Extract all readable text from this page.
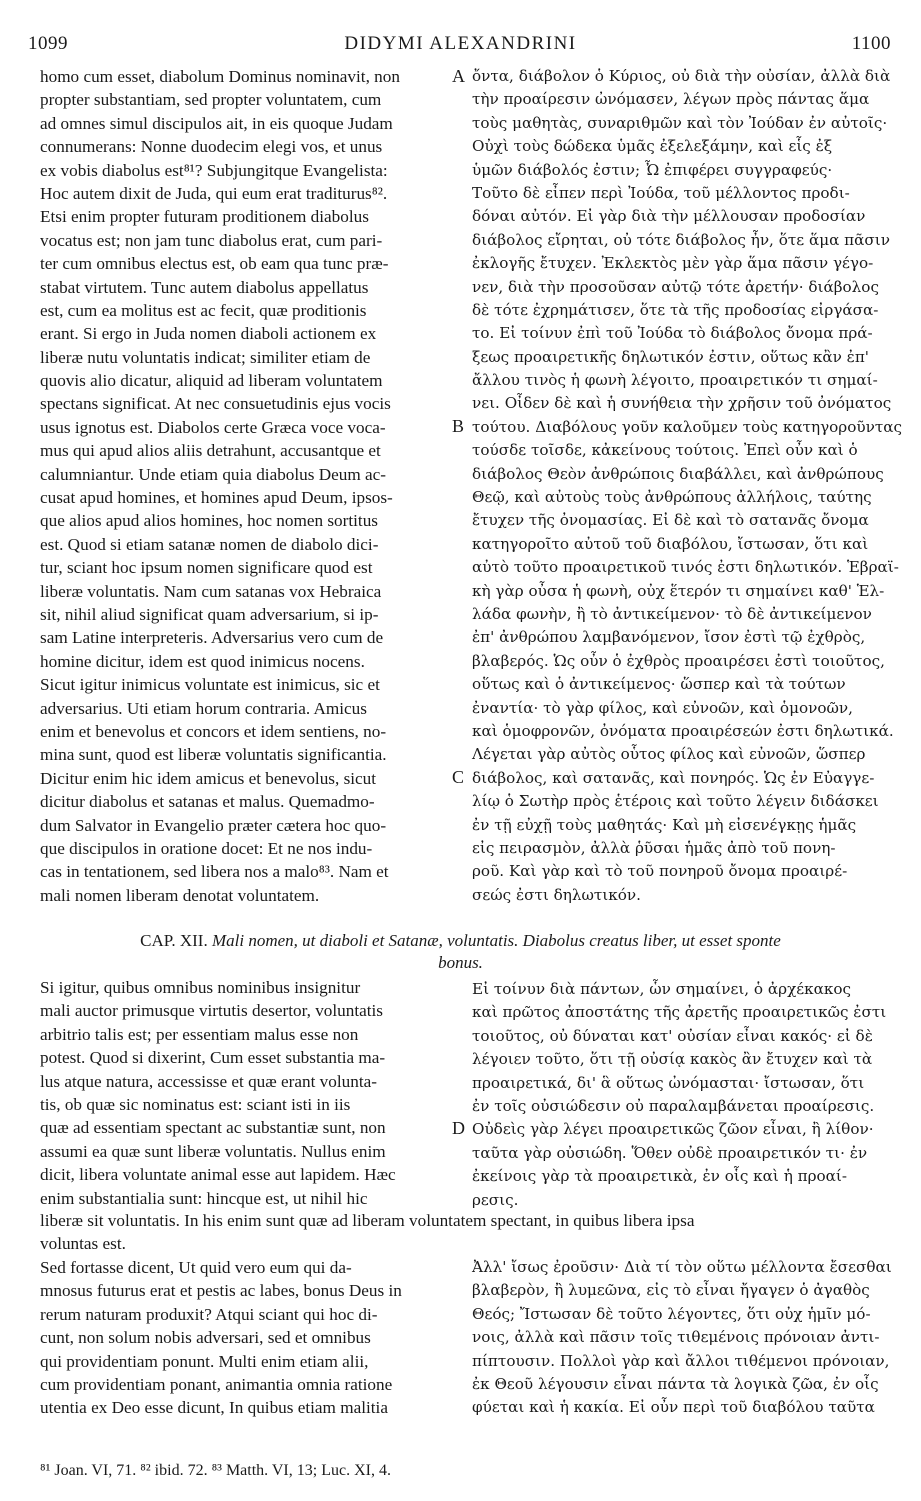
1099	DIDYMI ALEXANDRINI	1100
homo cum esset, diabolum Dominus nominavit, non
propter substantiam, sed propter voluntatem, cum
ad omnes simul discipulos ait, in eis quoque Judam
connumerans: Nonne duodecim elegi vos, et unus
ex vobis diabolus est⁸¹? Subjungitque Evangelista:
Hoc autem dixit de Juda, qui eum erat traditurus⁸².
Etsi enim propter futuram proditionem diabolus
vocatus est; non jam tunc diabolus erat, cum pari-
ter cum omnibus electus est, ob eam qua tunc præ-
stabat virtutem. Tunc autem diabolus appellatus
est, cum ea molitus est ac fecit, quæ proditionis
erant. Si ergo in Juda nomen diaboli actionem ex
liberæ nutu voluntatis indicat; similiter etiam de
quovis alio dicatur, aliquid ad liberam voluntatem
spectans significat. At nec consuetudinis ejus vocis
usus ignotus est. Diabolos certe Græca voce voca-
mus qui apud alios aliis detrahunt, accusantque et
calumniantur. Unde etiam quia diabolus Deum ac-
cusat apud homines, et homines apud Deum, ipsos-
que alios apud alios homines, hoc nomen sortitus
est. Quod si etiam satanæ nomen de diabolo dici-
tur, sciant hoc ipsum nomen significare quod est
liberæ voluntatis. Nam cum satanas vox Hebraica
sit, nihil aliud significat quam adversarium, si ip-
sam Latine interpreteris. Adversarius vero cum de
homine dicitur, idem est quod inimicus nocens.
Sicut igitur inimicus voluntate est inimicus, sic et
adversarius. Uti etiam horum contraria. Amicus
enim et benevolus et concors et idem sentiens, no-
mina sunt, quod est liberæ voluntatis significantia.
Dicitur enim hic idem amicus et benevolus, sicut
dicitur diabolus et satanas et malus. Quemadmo-
dum Salvator in Evangelio præter cætera hoc quo-
que discipulos in oratione docet: Et ne nos indu-
cas in tentationem, sed libera nos a malo⁸³. Nam et
mali nomen liberam denotat voluntatem.
ὄντα, διάβολον ὁ Κύριος, οὐ διὰ τὴν οὐσίαν, ἀλλὰ διὰ
τὴν προαίρεσιν ὠνόμασεν, λέγων πρὸς πάντας ἅμα
τοὺς μαθητὰς, συναριθμῶν καὶ τὸν Ἰούδαν ἐν αὐτοῖς·
Οὐχὶ τοὺς δώδεκα ὑμᾶς ἐξελεξάμην, καὶ εἷς ἐξ
ὑμῶν διάβολός ἐστιν; Ὦ ἐπιφέρει συγγραφεύς·
Τοῦτο δὲ εἶπεν περὶ Ἰούδα, τοῦ μέλλοντος προδι-
δόναι αὐτόν. Εἰ γὰρ διὰ τὴν μέλλουσαν προδοσίαν
διάβολος εἴρηται, οὐ τότε διάβολος ἦν, ὅτε ἅμα πᾶσιν
ἐκλογῆς ἔτυχεν. Ἐκλεκτὸς μὲν γὰρ ἅμα πᾶσιν γέγο-
νεν, διὰ τὴν προσοῦσαν αὐτῷ τότε ἀρετήν· διάβολος
δὲ τότε ἐχρημάτισεν, ὅτε τὰ τῆς προδοσίας εἰργάσα-
το. Εἰ τοίνυν ἐπὶ τοῦ Ἰούδα τὸ διάβολος ὄνομα πρά-
ξεως προαιρετικῆς δηλωτικόν ἐστιν, οὕτως κἂν ἐπ'
ἄλλου τινὸς ἡ φωνὴ λέγοιτο, προαιρετικόν τι σημαί-
νει. Οἶδεν δὲ καὶ ἡ συνήθεια τὴν χρῆσιν τοῦ ὀνόματος
τούτου. Διαβόλους γοῦν καλοῦμεν τοὺς κατηγοροῦντας
τούσδε τοῖσδε, κἀκείνους τούτοις. Ἐπεὶ οὖν καὶ ὁ
διάβολος Θεὸν ἀνθρώποις διαβάλλει, καὶ ἀνθρώπους
Θεῷ, καὶ αὐτοὺς τοὺς ἀνθρώπους ἀλλήλοις, ταύτης
ἔτυχεν τῆς ὀνομασίας. Εἰ δὲ καὶ τὸ σατανᾶς ὄνομα
κατηγοροῖτο αὐτοῦ τοῦ διαβόλου, ἴστωσαν, ὅτι καὶ
αὐτὸ τοῦτο προαιρετικοῦ τινός ἐστι δηλωτικόν. Ἑβραϊ-
κὴ γὰρ οὖσα ἡ φωνὴ, οὐχ ἕτερόν τι σημαίνει καθ' Ἑλ-
λάδα φωνὴν, ἢ τὸ ἀντικείμενον· τὸ δὲ ἀντικείμενον
ἐπ' ἀνθρώπου λαμβανόμενον, ἴσον ἐστὶ τῷ ἐχθρὸς,
βλαβερός. Ὡς οὖν ὁ ἐχθρὸς προαιρέσει ἐστὶ τοιοῦτος,
οὕτως καὶ ὁ ἀντικείμενος· ὥσπερ καὶ τὰ τούτων
ἐναντία· τὸ γὰρ φίλος, καὶ εὐνοῶν, καὶ ὁμονοῶν,
καὶ ὁμοφρονῶν, ὀνόματα προαιρέσεών ἐστι δηλωτικά.
Λέγεται γὰρ αὐτὸς οὗτος φίλος καὶ εὐνοῶν, ὥσπερ
διάβολος, καὶ σατανᾶς, καὶ πονηρός. Ὡς ἐν Εὐαγγε-
λίῳ ὁ Σωτὴρ πρὸς ἑτέροις καὶ τοῦτο λέγειν διδάσκει
ἐν τῇ εὐχῇ τοὺς μαθητάς· Καὶ μὴ εἰσενέγκῃς ἡμᾶς
εἰς πειρασμὸν, ἀλλὰ ῥῦσαι ἡμᾶς ἀπὸ τοῦ πονη-
ροῦ. Καὶ γὰρ καὶ τὸ τοῦ πονηροῦ ὄνομα προαιρέ-
σεώς ἐστι δηλωτικόν.
A
B
C
D
CAP. XII. Mali nomen, ut diaboli et Satanæ, voluntatis. Diabolus creatus liber, ut esset sponte
bonus.
Si igitur, quibus omnibus nominibus insignitur
mali auctor primusque virtutis desertor, voluntatis
arbitrio talis est; per essentiam malus esse non
potest. Quod si dixerint, Cum esset substantia ma-
lus atque natura, accessisse et quæ erant volunta-
tis, ob quæ sic nominatus est: sciant isti in iis
quæ ad essentiam spectant ac substantiæ sunt, non
assumi ea quæ sunt liberæ voluntatis. Nullus enim
dicit, libera voluntate animal esse aut lapidem. Hæc
enim substantialia sunt: hincque est, ut nihil hic
Εἰ τοίνυν διὰ πάντων, ὧν σημαίνει, ὁ ἀρχέκακος
καὶ πρῶτος ἀποστάτης τῆς ἀρετῆς προαιρετικῶς ἐστι
τοιοῦτος, οὐ δύναται κατ' οὐσίαν εἶναι κακός· εἰ δὲ
λέγοιεν τοῦτο, ὅτι τῇ οὐσίᾳ κακὸς ἂν ἔτυχεν καὶ τὰ
προαιρετικά, δι' ἃ οὕτως ὠνόμασται· ἴστωσαν, ὅτι
ἐν τοῖς οὐσιώδεσιν οὐ παραλαμβάνεται προαίρεσις.
Οὐδεὶς γὰρ λέγει προαιρετικῶς ζῶον εἶναι, ἢ λίθον·
ταῦτα γὰρ οὐσιώδη. Ὅθεν οὐδὲ προαιρετικόν τι· ἐν
ἐκείνοις γὰρ τὰ προαιρετικὰ, ἐν οἷς καὶ ἡ προαί-
ρεσις.
liberæ sit voluntatis. In his enim sunt quæ ad liberam voluntatem spectant, in quibus libera ipsa
voluntas est.
Sed fortasse dicent, Ut quid vero eum qui da-
mnosus futurus erat et pestis ac labes, bonus Deus in
rerum naturam produxit? Atqui sciant qui hoc di-
cunt, non solum nobis adversari, sed et omnibus
qui providentiam ponunt. Multi enim etiam alii,
cum providentiam ponant, animantia omnia ratione
utentia ex Deo esse dicunt, In quibus etiam malitia
Ἀλλ' ἴσως ἐροῦσιν· Διὰ τί τὸν οὕτω μέλλοντα ἔσεσθαι
βλαβερὸν, ἢ λυμεῶνα, εἰς τὸ εἶναι ἤγαγεν ὁ ἀγαθὸς
Θεός; Ἴστωσαν δὲ τοῦτο λέγοντες, ὅτι οὐχ ἡμῖν μό-
νοις, ἀλλὰ καὶ πᾶσιν τοῖς τιθεμένοις πρόνοιαν ἀντι-
πίπτουσιν. Πολλοὶ γὰρ καὶ ἄλλοι τιθέμενοι πρόνοιαν,
ἐκ Θεοῦ λέγουσιν εἶναι πάντα τὰ λογικὰ ζῶα, ἐν οἷς
φύεται καὶ ἡ κακία. Εἰ οὖν περὶ τοῦ διαβόλου ταῦτα
⁸¹ Joan. VI, 71. ⁸² ibid. 72. ⁸³ Matth. VI, 13; Luc. XI, 4.
